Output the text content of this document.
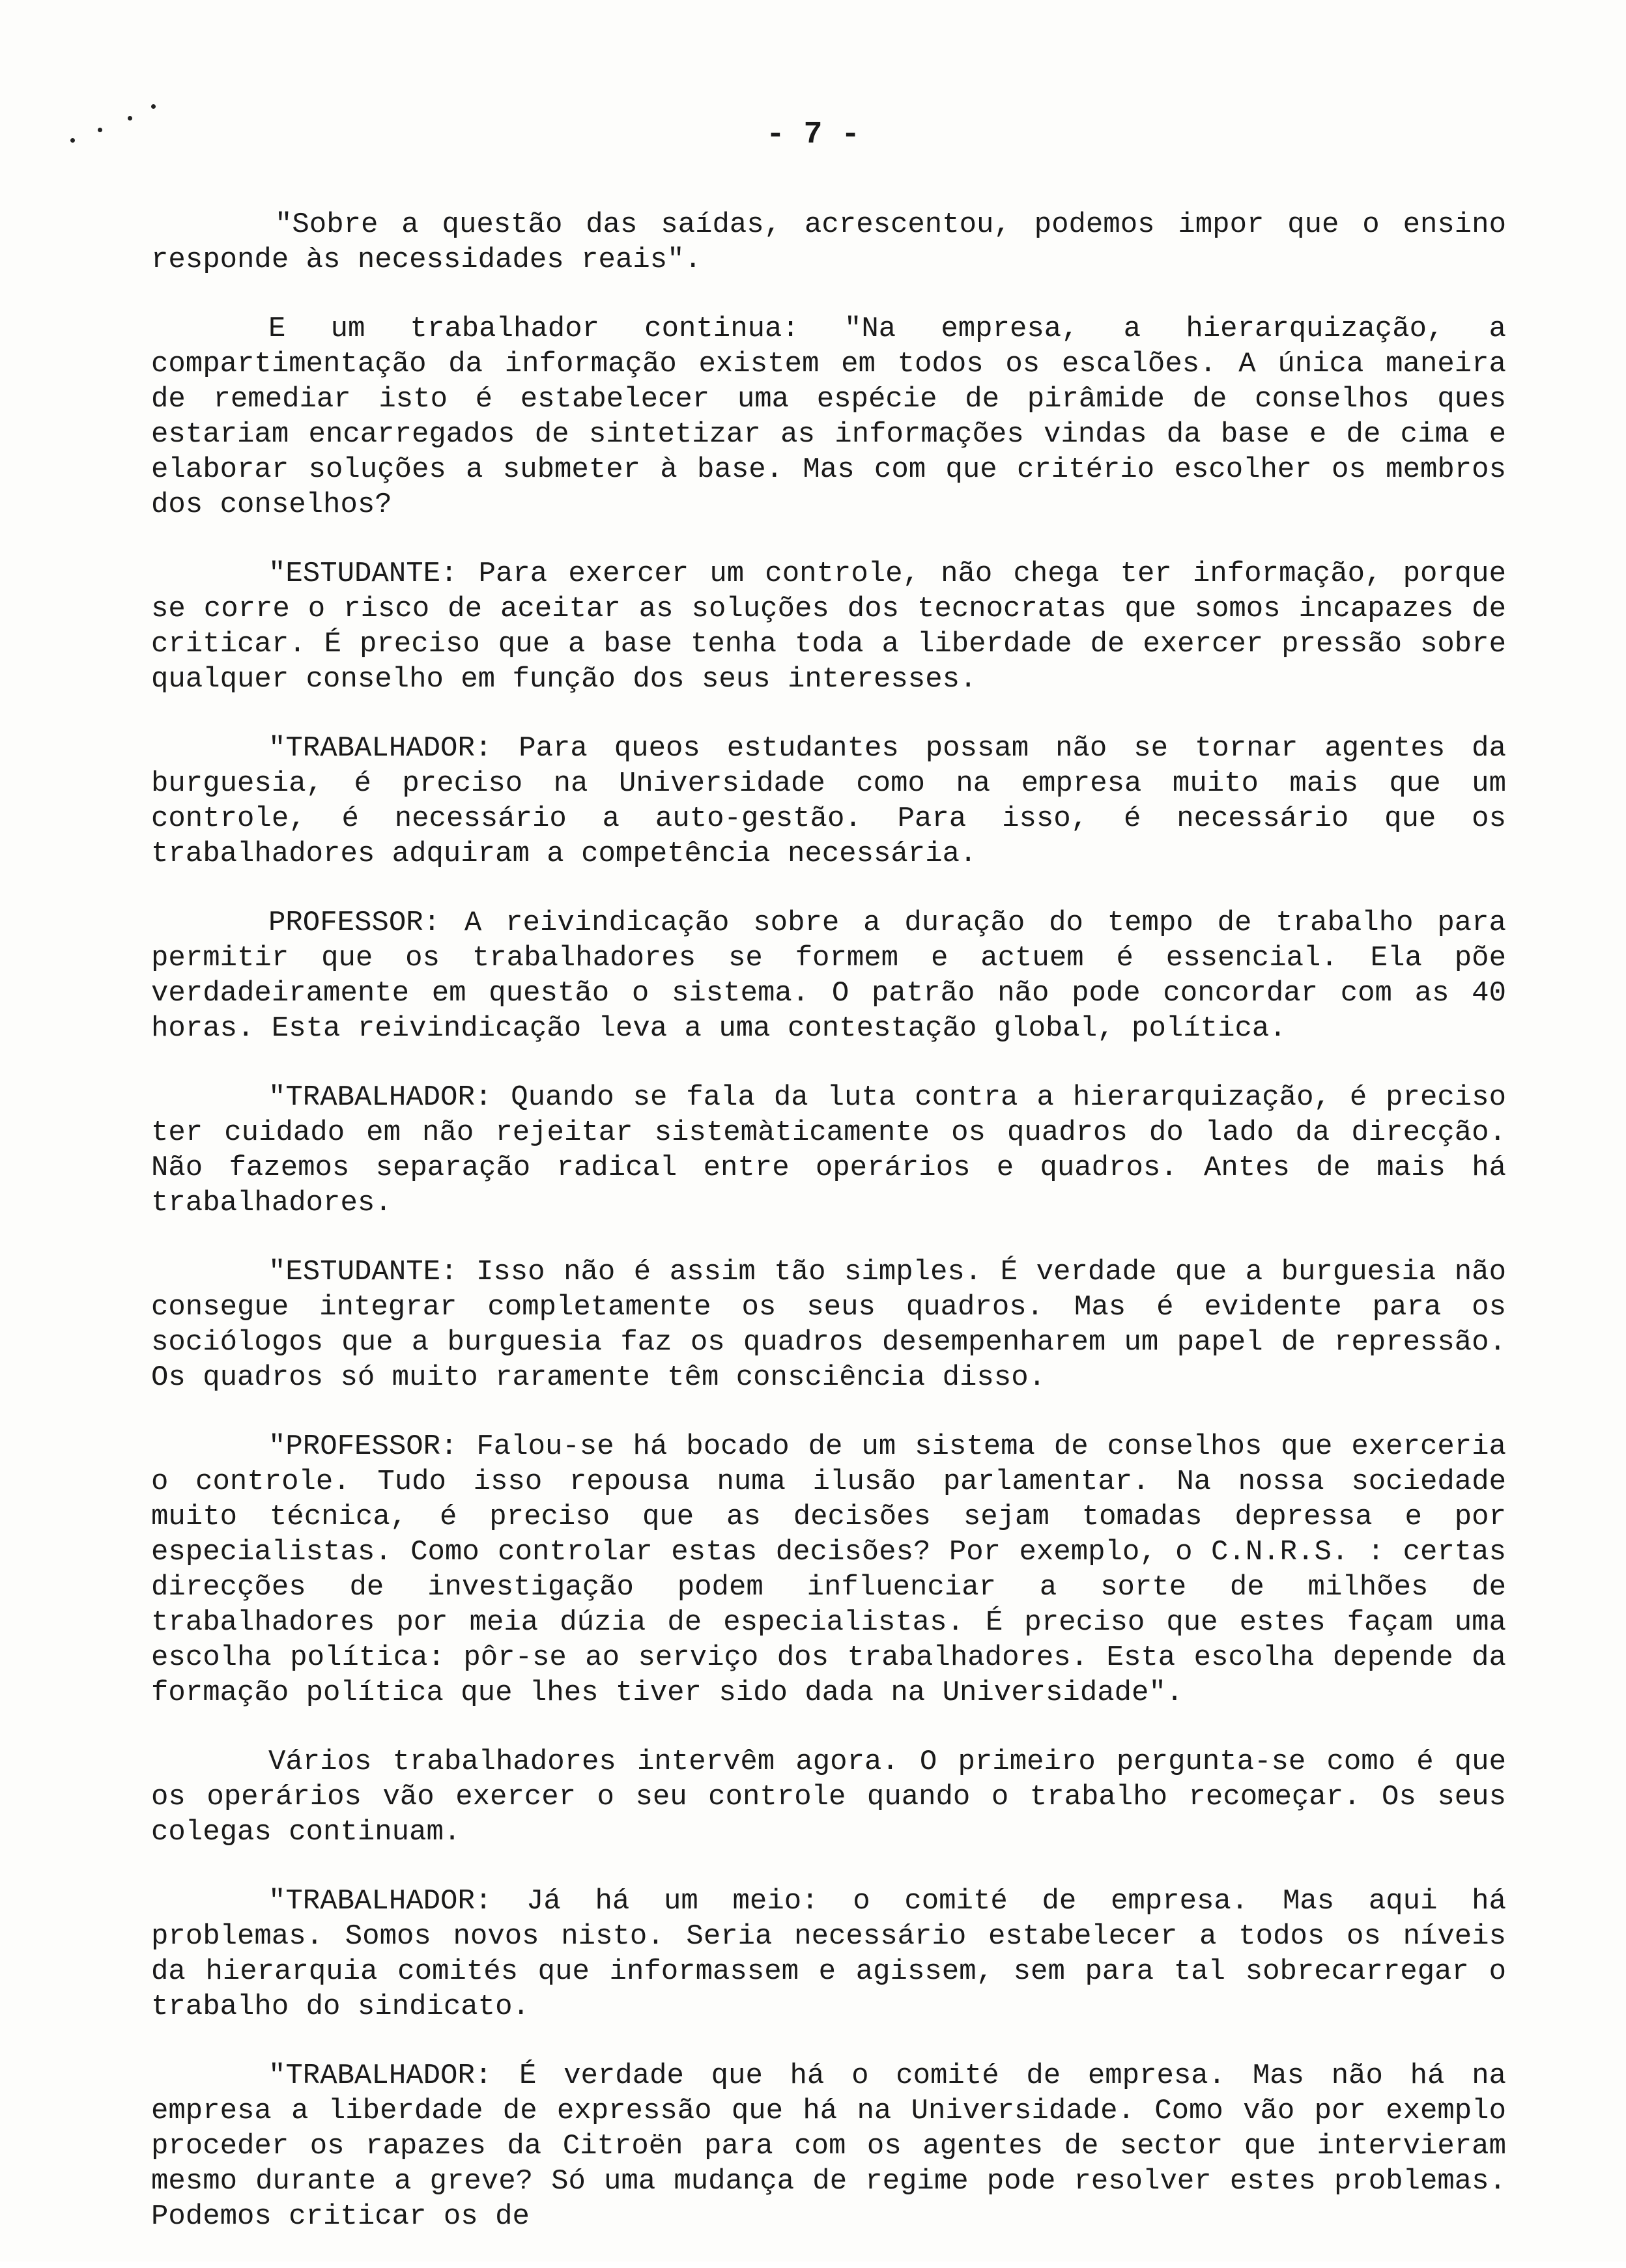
- 7 -

"Sobre a questão das saídas, acrescentou, podemos impor que o ensino responde às necessidades reais".

E um trabalhador continua: "Na empresa, a hierarquização, a compartimentação da informação existem em todos os escalões. A única maneira de remediar isto é estabelecer uma espécie de pirâmide de conselhos ques estariam encarregados de sintetizar as informações vindas da base e de cima e elaborar soluções a submeter à base. Mas com que critério escolher os membros dos conselhos?

"ESTUDANTE: Para exercer um controle, não chega ter informação, porque se corre o risco de aceitar as soluções dos tecnocratas que somos incapazes de criticar. É preciso que a base tenha toda a liberdade de exercer pressão sobre qualquer conselho em função dos seus interesses.

"TRABALHADOR: Para queos estudantes possam não se tornar agentes da burguesia, é preciso na Universidade como na empresa muito mais que um controle, é necessário a auto-gestão. Para isso, é necessário que os trabalhadores adquiram a competência necessária.

PROFESSOR: A reivindicação sobre a duração do tempo de trabalho para permitir que os trabalhadores se formem e actuem é essencial. Ela põe verdadeiramente em questão o sistema. O patrão não pode concordar com as 40 horas. Esta reivindicação leva a uma contestação global, política.

"TRABALHADOR: Quando se fala da luta contra a hierarquização, é preciso ter cuidado em não rejeitar sistemàticamente os quadros do lado da direcção. Não fazemos separação radical entre operários e quadros. Antes de mais há trabalhadores.

"ESTUDANTE: Isso não é assim tão simples. É verdade que a burguesia não consegue integrar completamente os seus quadros. Mas é evidente para os sociólogos que a burguesia faz os quadros desempenharem um papel de repressão. Os quadros só muito raramente têm consciência disso.

"PROFESSOR: Falou-se há bocado de um sistema de conselhos que exerceria o controle. Tudo isso repousa numa ilusão parlamentar. Na nossa sociedade muito técnica, é preciso que as decisões sejam tomadas depressa e por especialistas. Como controlar estas decisões? Por exemplo, o C.N.R.S. : certas direcções de investigação podem influenciar a sorte de milhões de trabalhadores por meia dúzia de especialistas. É preciso que estes façam uma escolha política: pôr-se ao serviço dos trabalhadores. Esta escolha depende da formação política que lhes tiver sido dada na Universidade".

Vários trabalhadores intervêm agora. O primeiro pergunta-se como é que os operários vão exercer o seu controle quando o trabalho recomeçar. Os seus colegas continuam.

"TRABALHADOR: Já há um meio: o comité de empresa. Mas aqui há problemas. Somos novos nisto. Seria necessário estabelecer a todos os níveis da hierarquia comités que informassem e agissem, sem para tal sobrecarregar o trabalho do sindicato.

"TRABALHADOR: É verdade que há o comité de empresa. Mas não há na empresa a liberdade de expressão que há na Universidade. Como vão por exemplo proceder os rapazes da Citroën para com os agentes de sector que intervieram mesmo durante a greve? Só uma mudança de regime pode resolver estes problemas. Podemos criticar os de
